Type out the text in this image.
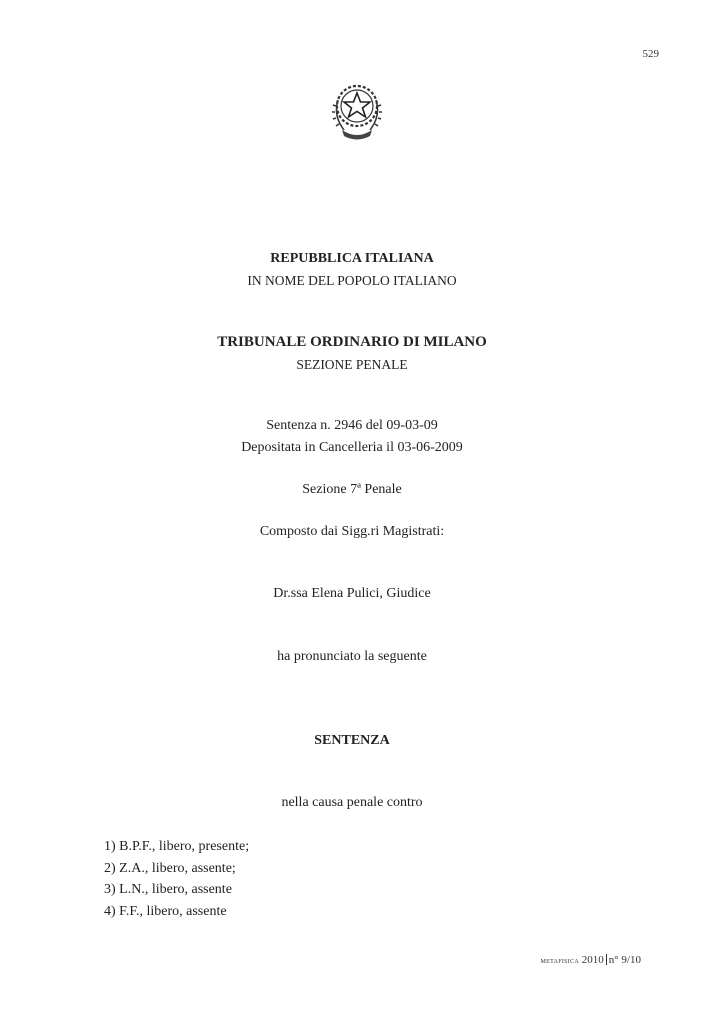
529
REPUBBLICA ITALIANA
IN NOME DEL POPOLO ITALIANO
TRIBUNALE ORDINARIO DI MILANO
SEZIONE PENALE
Sentenza n. 2946 del 09-03-09
Depositata in Cancelleria il 03-06-2009
Sezione 7ª Penale
Composto dai Sigg.ri Magistrati:
Dr.ssa Elena Pulici, Giudice
ha pronunciato la seguente
SENTENZA
nella causa penale contro
1) B.P.F., libero, presente;
2) Z.A., libero, assente;
3) L.N., libero, assente
4) F.F., libero, assente
metafisica 2010 n° 9/10
